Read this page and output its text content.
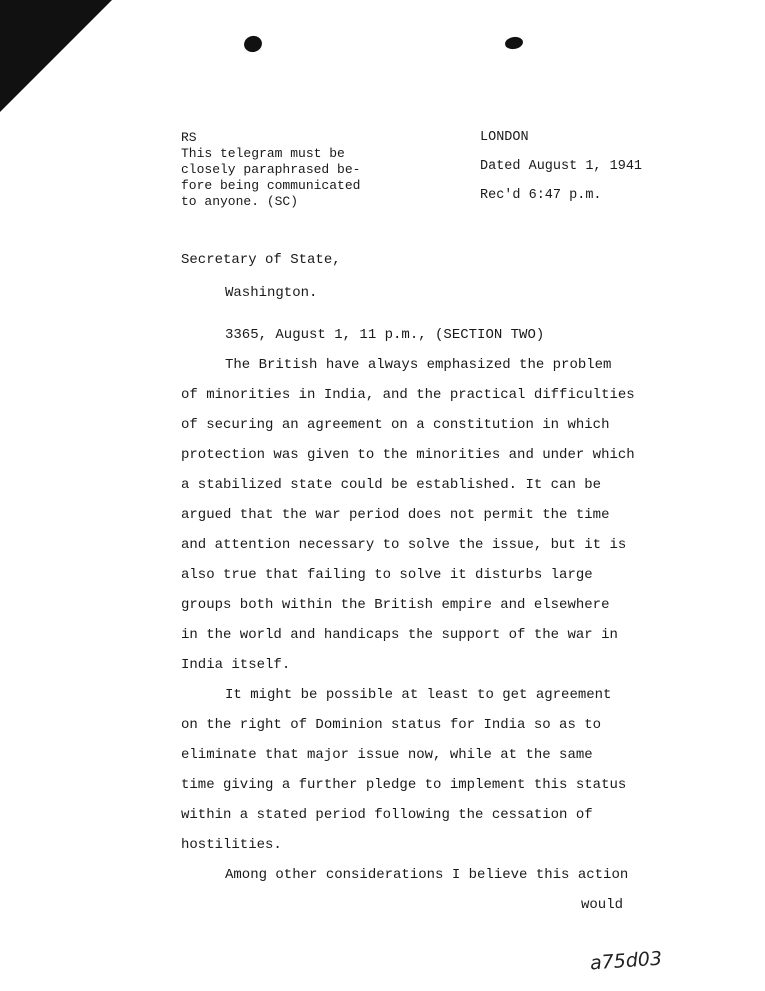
RS
This telegram must be
closely paraphrased be-
fore being communicated
to anyone. (SC)
LONDON
Dated August 1, 1941
Rec'd 6:47 p.m.
Secretary of State,
Washington.
3365, August 1, 11 p.m., (SECTION TWO)
The British have always emphasized the problem
of minorities in India, and the practical difficulties
of securing an agreement on a constitution in which
protection was given to the minorities and under which
a stabilized state could be established. It can be
argued that the war period does not permit the time
and attention necessary to solve the issue, but it is
also true that failing to solve it disturbs large
groups both within the British empire and elsewhere
in the world and handicaps the support of the war in
India itself.
It might be possible at least to get agreement
on the right of Dominion status for India so as to
eliminate that major issue now, while at the same
time giving a further pledge to implement this status
within a stated period following the cessation of
hostilities.
Among other considerations I believe this action
would
a75d03
